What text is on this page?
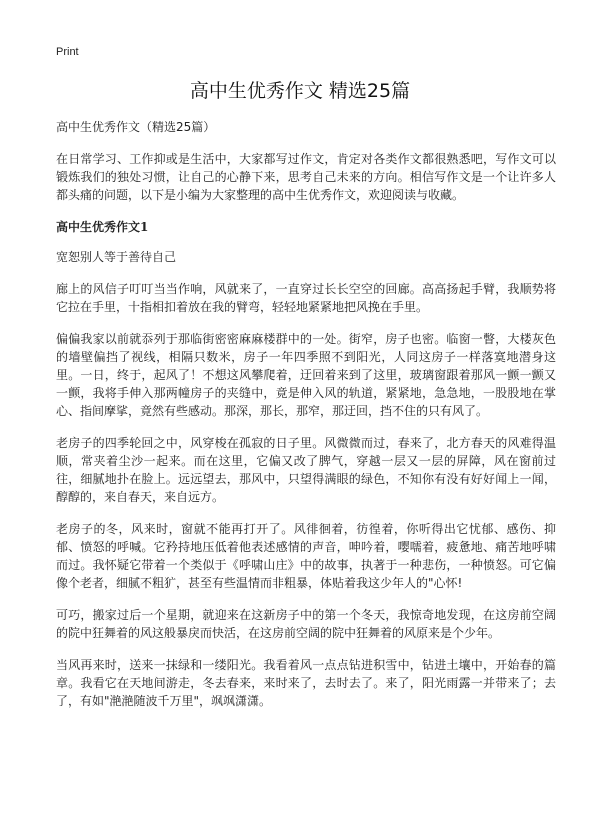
Print
高中生优秀作文 精选25篇

高中生优秀作文（精选25篇）

在日常学习、工作抑或是生活中，大家都写过作文，肯定对各类作文都很熟悉吧，写作文可以锻炼我们的独处习惯，让自己的心静下来，思考自己未来的方向。相信写作文是一个让许多人都头痛的问题，以下是小编为大家整理的高中生优秀作文，欢迎阅读与收藏。

高中生优秀作文1

宽恕别人等于善待自己

廊上的风信子叮叮当当作响，风就来了，一直穿过长长空空的回廊。高高扬起手臂，我顺势将它拉在手里，十指相扣着放在我的臂弯，轻轻地紧紧地把风挽在手里。

偏偏我家以前就忝列于那临街密密麻麻楼群中的一处。街窄，房子也密。临窗一瞥，大楼灰色的墙壁偏挡了视线，相隔只数米，房子一年四季照不到阳光，人同这房子一样落寞地潜身这里。一日，终于，起风了！不想这风攀爬着，迂回着来到了这里，玻璃窗跟着那风一颤一颤又一颤，我将手伸入那两幢房子的夹缝中，竟是伸入风的轨道，紧紧地，急急地，一股股地在掌心、指间摩挲，竟然有些感动。那深，那长，那窄，那迂回，挡不住的只有风了。

老房子的四季轮回之中，风穿梭在孤寂的日子里。风微微而过，春来了，北方春天的风难得温顺，常夹着尘沙一起来。而在这里，它偏又改了脾气，穿越一层又一层的屏障，风在窗前过往，细腻地扑在脸上。远远望去，那风中，只望得满眼的绿色，不知你有没有好好闻上一闻，醇醇的，来自春天，来自远方。

老房子的冬，风来时，窗就不能再打开了。风徘徊着，彷徨着，你听得出它忧郁、感伤、抑郁、愤怒的呼喊。它矜持地压低着他表述感情的声音，呻吟着，嘤嚅着，疲惫地、痛苦地呼啸而过。我怀疑它带着一个类似于《呼啸山庄》中的故事，执著于一种悲伤，一种愤怒。可它偏像个老者，细腻不粗犷，甚至有些温情而非粗暴，体贴着我这少年人的"心怀!

可巧，搬家过后一个星期，就迎来在这新房子中的第一个冬天，我惊奇地发现，在这房前空阔的院中狂舞着的风这般暴戾而快活，在这房前空阔的院中狂舞着的风原来是个少年。

当风再来时，送来一抹绿和一缕阳光。我看着风一点点钻进积雪中，钻进土壤中，开始春的篇章。我看它在天地间游走，冬去春来，来时来了，去时去了。来了，阳光雨露一并带来了；去了，有如"滟滟随波千万里"，飒飒潇潇。
